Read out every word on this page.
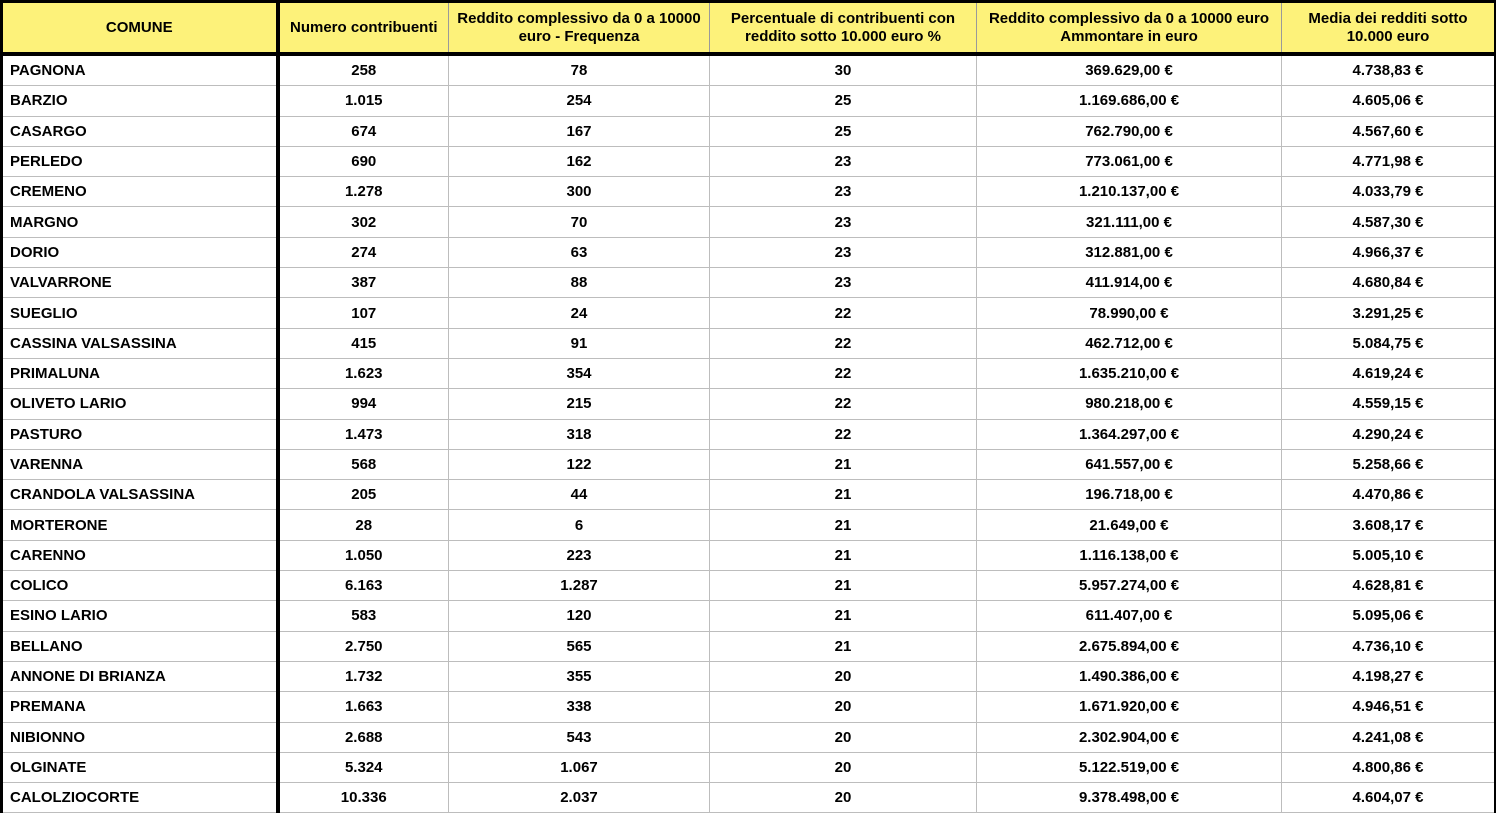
COMUNE	Numero contribuenti	Reddito complessivo da 0 a 10000 euro - Frequenza	Percentuale di contribuenti con reddito sotto 10.000 euro %	Reddito complessivo da 0 a 10000 euro Ammontare in euro	Media dei redditi sotto 10.000 euro
PAGNONA	258	78	30	369.629,00 €	4.738,83 €
BARZIO	1.015	254	25	1.169.686,00 €	4.605,06 €
CASARGO	674	167	25	762.790,00 €	4.567,60 €
PERLEDO	690	162	23	773.061,00 €	4.771,98 €
CREMENO	1.278	300	23	1.210.137,00 €	4.033,79 €
MARGNO	302	70	23	321.111,00 €	4.587,30 €
DORIO	274	63	23	312.881,00 €	4.966,37 €
VALVARRONE	387	88	23	411.914,00 €	4.680,84 €
SUEGLIO	107	24	22	78.990,00 €	3.291,25 €
CASSINA VALSASSINA	415	91	22	462.712,00 €	5.084,75 €
PRIMALUNA	1.623	354	22	1.635.210,00 €	4.619,24 €
OLIVETO LARIO	994	215	22	980.218,00 €	4.559,15 €
PASTURO	1.473	318	22	1.364.297,00 €	4.290,24 €
VARENNA	568	122	21	641.557,00 €	5.258,66 €
CRANDOLA VALSASSINA	205	44	21	196.718,00 €	4.470,86 €
MORTERONE	28	6	21	21.649,00 €	3.608,17 €
CARENNO	1.050	223	21	1.116.138,00 €	5.005,10 €
COLICO	6.163	1.287	21	5.957.274,00 €	4.628,81 €
ESINO LARIO	583	120	21	611.407,00 €	5.095,06 €
BELLANO	2.750	565	21	2.675.894,00 €	4.736,10 €
ANNONE DI BRIANZA	1.732	355	20	1.490.386,00 €	4.198,27 €
PREMANA	1.663	338	20	1.671.920,00 €	4.946,51 €
NIBIONNO	2.688	543	20	2.302.904,00 €	4.241,08 €
OLGINATE	5.324	1.067	20	5.122.519,00 €	4.800,86 €
CALOLZIOCORTE	10.336	2.037	20	9.378.498,00 €	4.604,07 €
